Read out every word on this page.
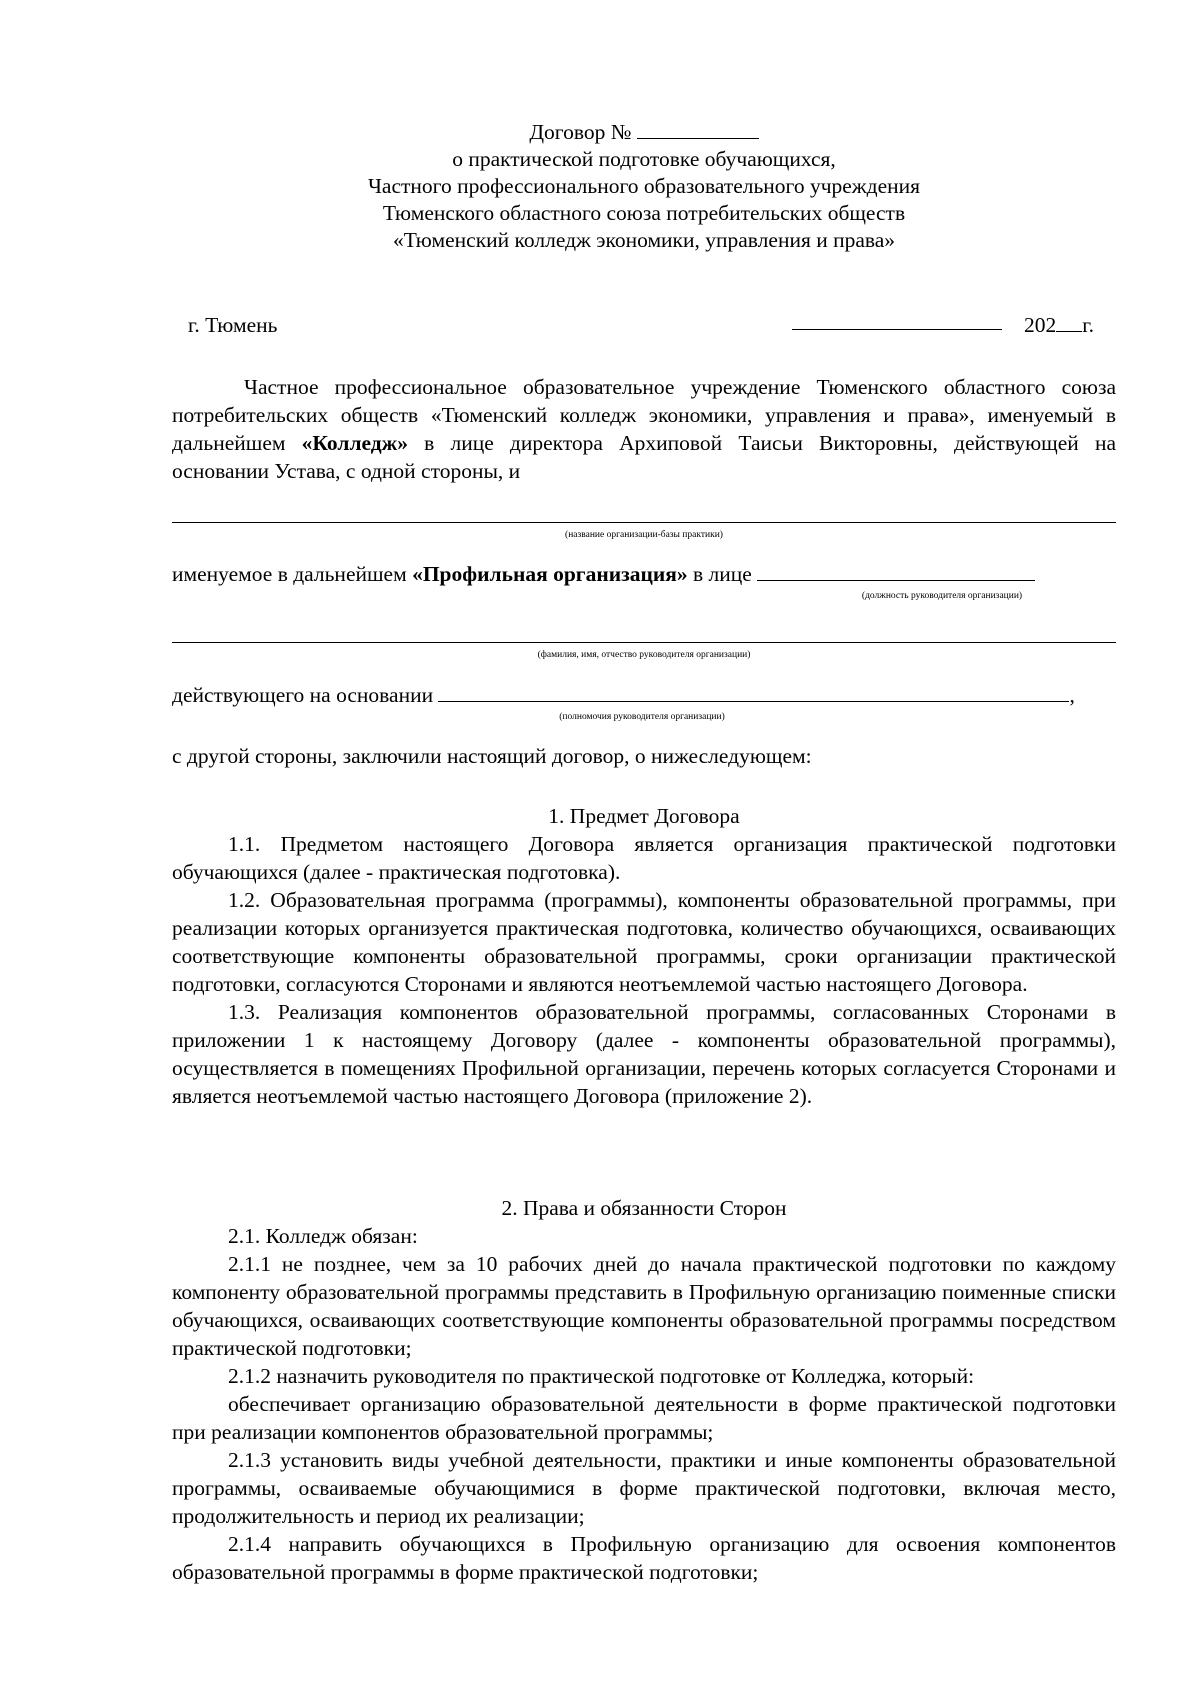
Договор №
о практической подготовке обучающихся,
Частного профессионального образовательного учреждения
Тюменского областного союза потребительских обществ
«Тюменский колледж экономики, управления и права»
г. Тюмень	202 г.
Частное профессиональное образовательное учреждение Тюменского областного союза потребительских обществ «Тюменский колледж экономики, управления и права», именуемый в дальнейшем «Колледж» в лице директора Архиповой Таисьи Викторовны, действующей на основании Устава, с одной стороны, и
(название организации-базы практики)
именуемое в дальнейшем «Профильная организация» в лице
(должность руководителя организации)
(фамилия, имя, отчество руководителя организации)
действующего на основании	,
(полномочия руководителя организации)
с другой стороны, заключили настоящий договор, о нижеследующем:
1. Предмет Договора
1.1. Предметом настоящего Договора является организация практической подготовки обучающихся (далее - практическая подготовка).
1.2. Образовательная программа (программы), компоненты образовательной программы, при реализации которых организуется практическая подготовка, количество обучающихся, осваивающих соответствующие компоненты образовательной программы, сроки организации практической подготовки, согласуются Сторонами и являются неотъемлемой частью настоящего Договора.
1.3. Реализация компонентов образовательной программы, согласованных Сторонами в приложении 1 к настоящему Договору (далее - компоненты образовательной программы), осуществляется в помещениях Профильной организации, перечень которых согласуется Сторонами и является неотъемлемой частью настоящего Договора (приложение 2).
2. Права и обязанности Сторон
2.1. Колледж обязан:
2.1.1 не позднее, чем за 10 рабочих дней до начала практической подготовки по каждому компоненту образовательной программы представить в Профильную организацию поименные списки обучающихся, осваивающих соответствующие компоненты образовательной программы посредством практической подготовки;
2.1.2 назначить руководителя по практической подготовке от Колледжа, который:
обеспечивает организацию образовательной деятельности в форме практической подготовки при реализации компонентов образовательной программы;
2.1.3 установить виды учебной деятельности, практики и иные компоненты образовательной программы, осваиваемые обучающимися в форме практической подготовки, включая место, продолжительность и период их реализации;
2.1.4 направить обучающихся в Профильную организацию для освоения компонентов образовательной программы в форме практической подготовки;
